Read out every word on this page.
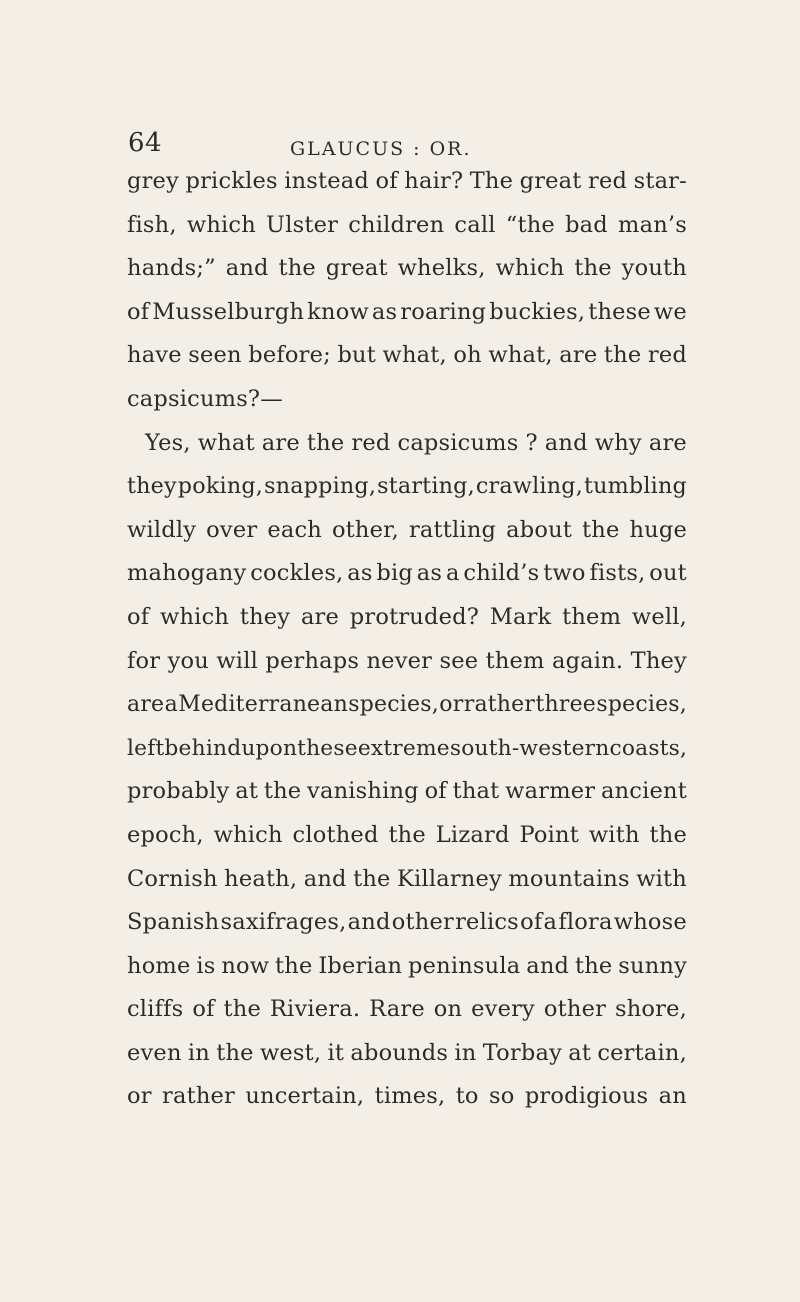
64	GLAUCUS : OR.
grey prickles instead of hair? The great red star-
fish, which Ulster children call “the bad man’s
hands;” and the great whelks, which the youth
of Musselburgh know as roaring buckies, these we
have seen before; but what, oh what, are the red
capsicums?—
Yes, what are the red capsicums ? and why are
they poking, snapping, starting, crawling, tumbling
wildly over each other, rattling about the huge
mahogany cockles, as big as a child’s two fists, out
of which they are protruded? Mark them well,
for you will perhaps never see them again. They
are a Mediterranean species, or rather three species,
left behind upon these extreme south-western coasts,
probably at the vanishing of that warmer ancient
epoch, which clothed the Lizard Point with the
Cornish heath, and the Killarney mountains with
Spanish saxifrages, and other relics of a flora whose
home is now the Iberian peninsula and the sunny
cliffs of the Riviera. Rare on every other shore,
even in the west, it abounds in Torbay at certain,
or rather uncertain, times, to so prodigious an
